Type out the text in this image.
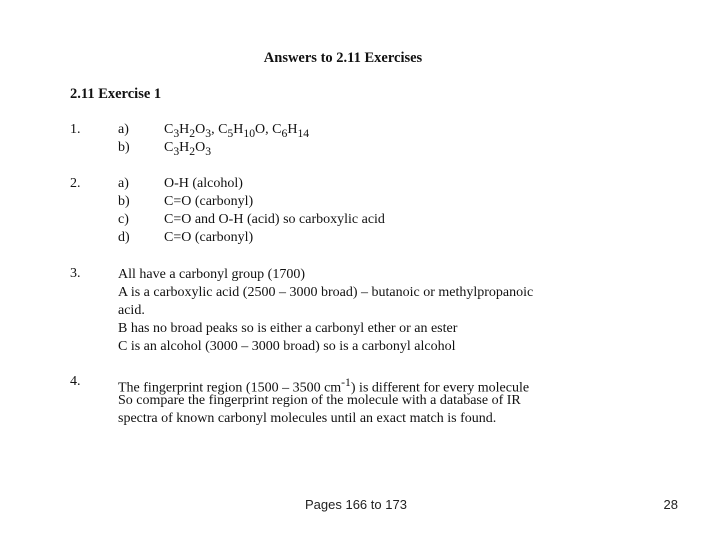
Answers to 2.11 Exercises
2.11 Exercise 1
1.	a)	$C_3H_2O_3$, $C_5H_{10}O$, $C_6H_{14}$
b) $C_3H_2O_3$
2.	a)	O-H (alcohol)
b) C=O (carbonyl)
c)	C=O and O-H (acid) so carboxylic acid
d) C=O (carbonyl)
3.	All have a carbonyl group (1700)
A is a carboxylic acid (2500 – 3000 broad) – butanoic or methylpropanoic
acid.
B has no broad peaks so is either a carbonyl ether or an ester
C is an alcohol (3000 – 3000 broad) so is a carbonyl alcohol
4.	The fingerprint region (1500 – 3500 $cm^{-1}$) is different for every molecule
So compare the fingerprint region of the molecule with a database of IR
spectra of known carbonyl molecules until an exact match is found.
Pages 166 to 173	28
